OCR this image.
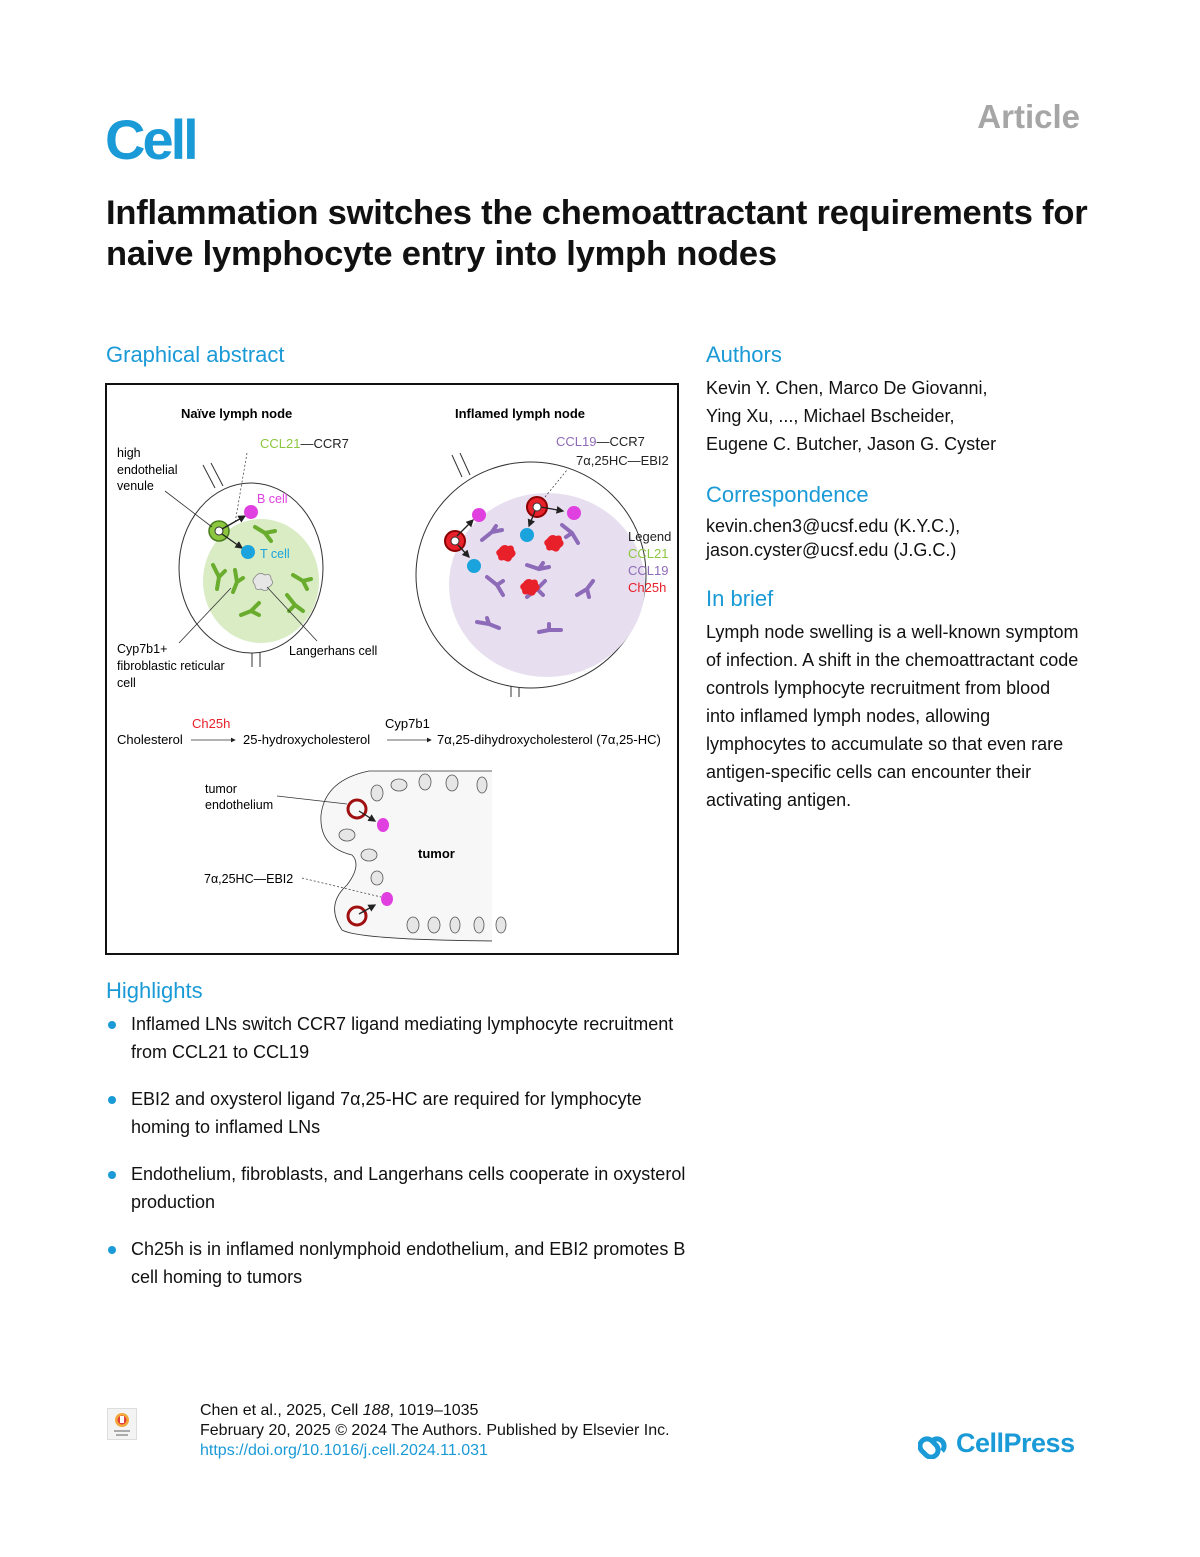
Cell	Article
Inflammation switches the chemoattractant requirements for naive lymphocyte entry into lymph nodes
Graphical abstract
Naïve lymph node
CCL21—CCR7
high
endothelial
venule
B cell
T cell
Cyp7b1+
fibroblastic reticular
cell
Langerhans cell
Inflamed lymph node
CCL19—CCR7
7α,25HC—EBI2
Legend
CCL21
CCL19
Ch25h
Ch25h
Cholesterol	25-hydroxycholesterol
Cyp7b1
7α,25-dihydroxycholesterol (7α,25-HC)
tumor
endothelium
tumor
7α,25HC—EBI2
Authors
Kevin Y. Chen, Marco De Giovanni,
Ying Xu, ..., Michael Bscheider,
Eugene C. Butcher, Jason G. Cyster
Correspondence
kevin.chen3@ucsf.edu (K.Y.C.),
jason.cyster@ucsf.edu (J.G.C.)
In brief
Lymph node swelling is a well-known symptom of infection. A shift in the chemoattractant code controls lymphocyte recruitment from blood into inflamed lymph nodes, allowing lymphocytes to accumulate so that even rare antigen-specific cells can encounter their activating antigen.
Highlights
Inflamed LNs switch CCR7 ligand mediating lymphocyte recruitment from CCL21 to CCL19
EBI2 and oxysterol ligand 7α,25-HC are required for lymphocyte homing to inflamed LNs
Endothelium, fibroblasts, and Langerhans cells cooperate in oxysterol production
Ch25h is in inflamed nonlymphoid endothelium, and EBI2 promotes B cell homing to tumors
Chen et al., 2025, Cell 188, 1019–1035
February 20, 2025 © 2024 The Authors. Published by Elsevier Inc.
https://doi.org/10.1016/j.cell.2024.11.031	CellPress
